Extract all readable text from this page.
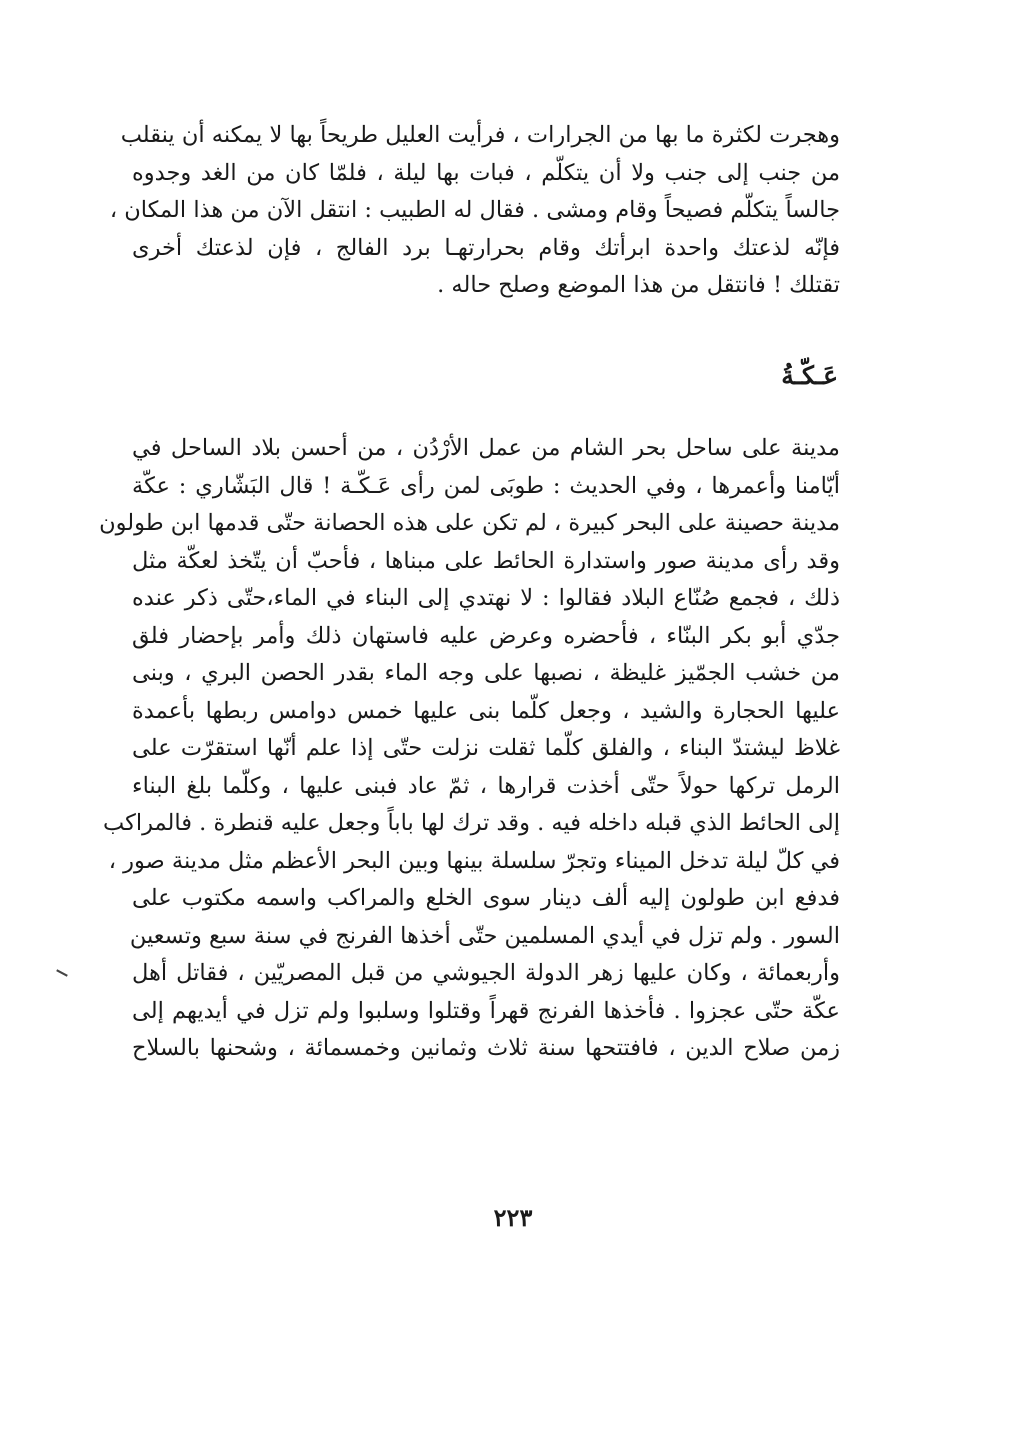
وهجرت لكثرة ما بها من الجرارات ، فرأيت العليل طريحاً بها لا يمكنه أن ينقلب
من جنب إلى جنب ولا أن يتكلّم ، فبات بها ليلة ، فلمّا كان من الغد وجدوه
جالساً يتكلّم فصيحاً وقام ومشى . فقال له الطبيب : انتقل الآن من هذا المكان ،
فإنّه لذعتك واحدة ابرأتك وقام بحرارتهـا برد الفالج ، فإن لذعتك أخرى
تقتلك ! فانتقل من هذا الموضع وصلح حاله .
عَـكّـةُ
مدينة على ساحل بحر الشام من عمل الأرْدُن ، من أحسن بلاد الساحل في
أيّامنا وأعمرها ، وفي الحديث : طوبَى لمن رأى عَـكّـة ! قال البَشّاري : عكّة
مدينة حصينة على البحر كبيرة ، لم تكن على هذه الحصانة حتّى قدمها ابن طولون
وقد رأى مدينة صور واستدارة الحائط على مبناها ، فأحبّ أن يتّخذ لعكّة مثل
ذلك ، فجمع صُنّاع البلاد فقالوا : لا نهتدي إلى البناء في الماء،حتّى ذكر عنده
جدّي أبو بكر البنّاء ، فأحضره وعرض عليه فاستهان ذلك وأمر بإحضار فلق
من خشب الجمّيز غليظة ، نصبها على وجه الماء بقدر الحصن البري ، وبنى
عليها الحجارة والشيد ، وجعل كلّما بنى عليها خمس دوامس ربطها بأعمدة
غلاظ ليشتدّ البناء ، والفلق كلّما ثقلت نزلت حتّى إذا علم أنّها استقرّت على
الرمل تركها حولاً حتّى أخذت قرارها ، ثمّ عاد فبنى عليها ، وكلّما بلغ البناء
إلى الحائط الذي قبله داخله فيه . وقد ترك لها باباً وجعل عليه قنطرة . فالمراكب
في كلّ ليلة تدخل الميناء وتجرّ سلسلة بينها وبين البحر الأعظم مثل مدينة صور ،
فدفع ابن طولون إليه ألف دينار سوى الخلع والمراكب واسمه مكتوب على
السور . ولم تزل في أيدي المسلمين حتّى أخذها الفرنج في سنة سبع وتسعين
وأربعمائة ، وكان عليها زهر الدولة الجيوشي من قبل المصريّين ، فقاتل أهل
عكّة حتّى عجزوا . فأخذها الفرنج قهراً وقتلوا وسلبوا ولم تزل في أيديهم إلى
زمن صلاح الدين ، فافتتحها سنة ثلاث وثمانين وخمسمائة ، وشحنها بالسلاح
٢٢٣
